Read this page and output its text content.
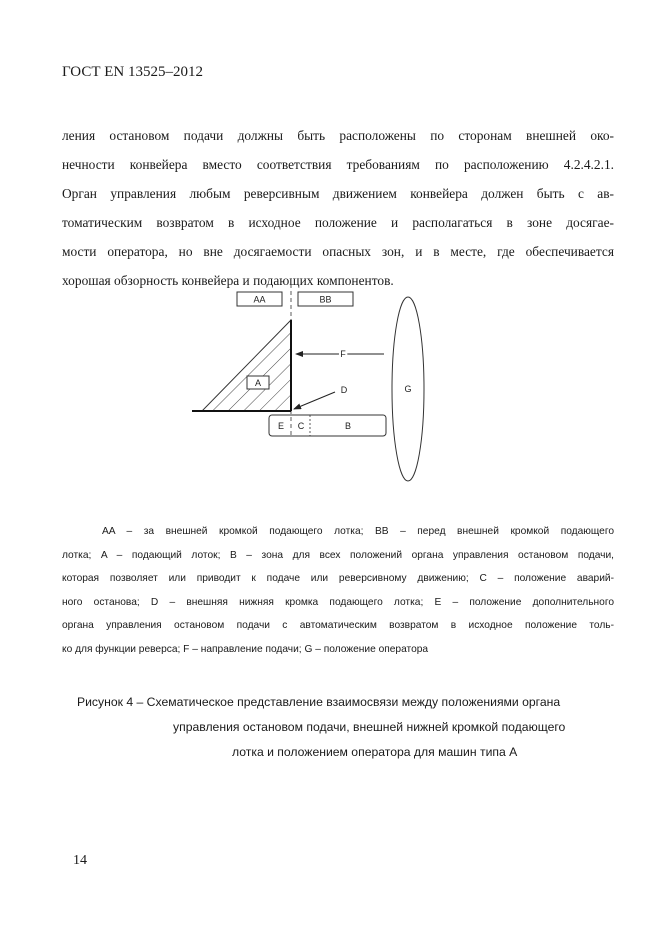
ГОСТ EN 13525–2012
ления остановом подачи должны быть расположены по сторонам внешней око-
нечности конвейера вместо соответствия требованиям по расположению 4.2.4.2.1.
Орган управления любым реверсивным движением конвейера должен быть с ав-
томатическим возвратом в исходное положение и располагаться в зоне досягае-
мости оператора, но вне досягаемости опасных зон, и в месте, где обеспечивается
хорошая обзорность конвейера и подающих компонентов.
AA	BB
A
F
D
E C	B
G
AA – за внешней кромкой подающего лотка; BB – перед внешней кромкой подающего
лотка; A – подающий лоток; B – зона для всех положений органа управления остановом подачи,
которая позволяет или приводит к подаче или реверсивному движению; C – положение аварий-
ного останова; D – внешняя нижняя кромка подающего лотка; E – положение дополнительного
органа управления остановом подачи с автоматическим возвратом в исходное положение толь-
ко для функции реверса; F – направление подачи; G – положение оператора
Рисунок 4 – Схематическое представление взаимосвязи между положениями органа
управления остановом подачи, внешней нижней кромкой подающего
лотка и положением оператора для машин типа А
14
